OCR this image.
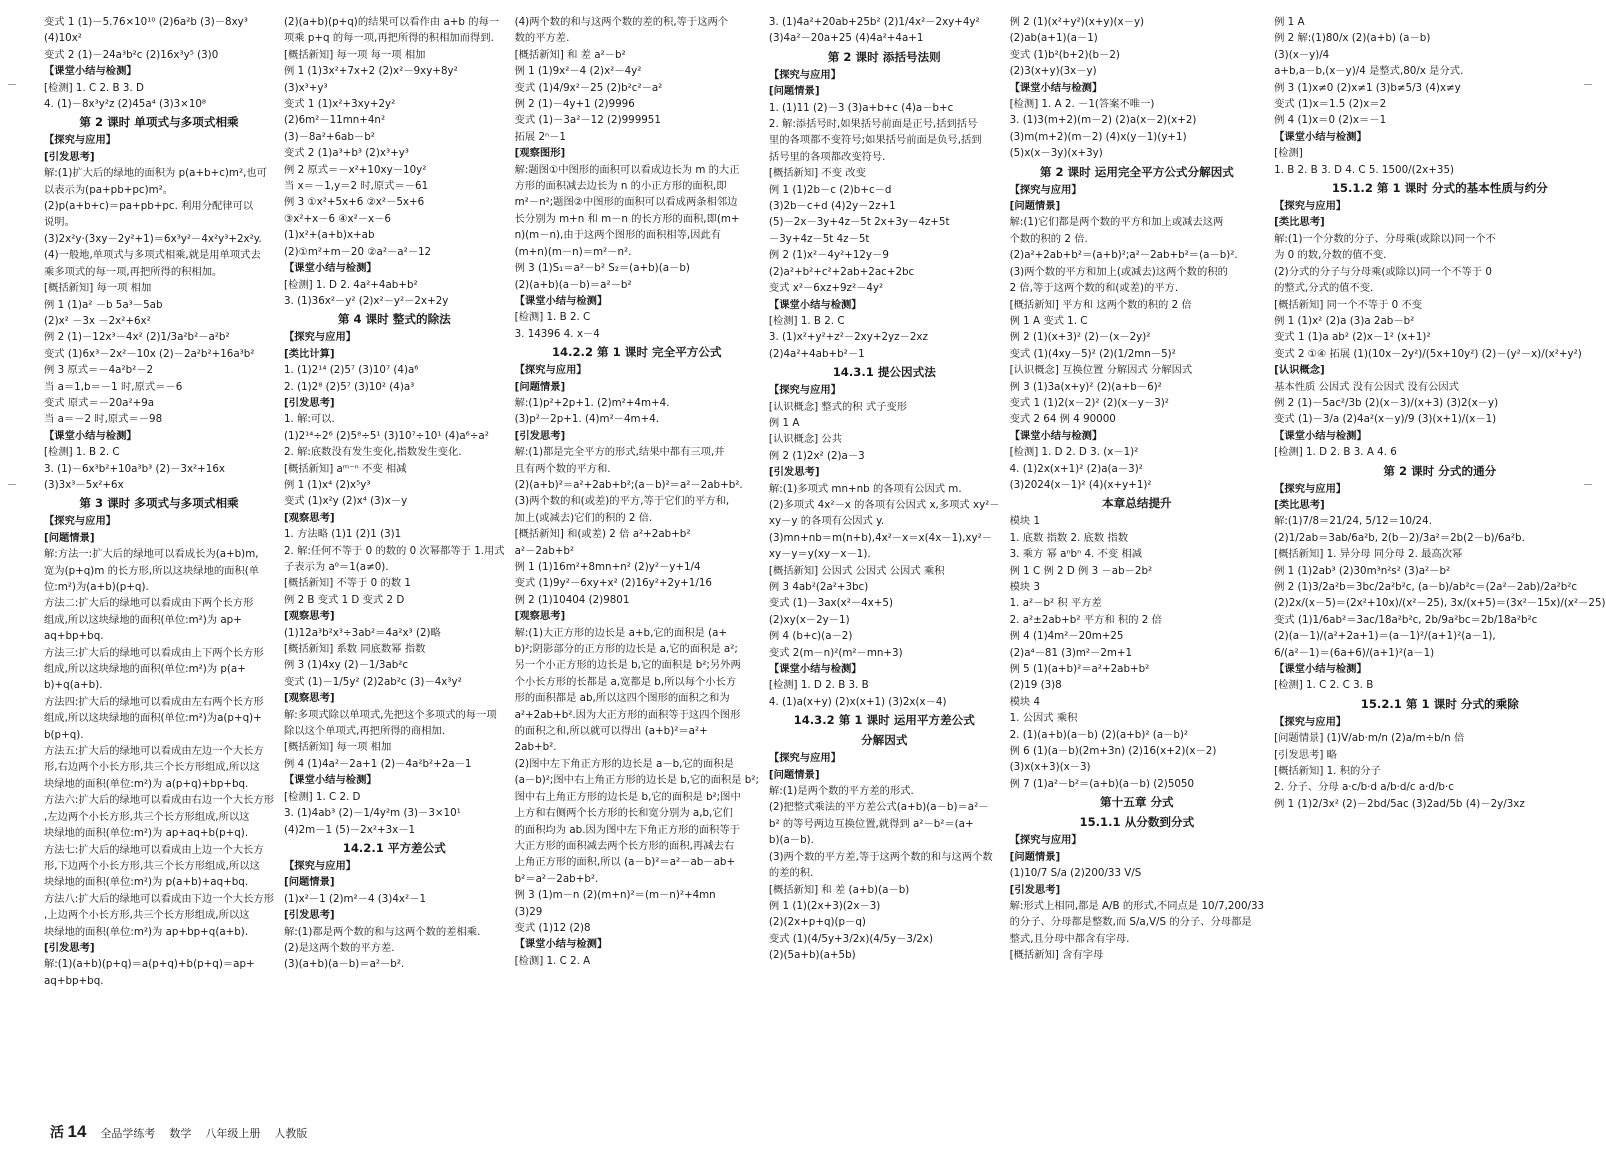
变式 1 (1)－5.76×10¹⁰ (2)6a²b (3)－8xy³
(4)10x²
变式 2 (1)－24a³b²c (2)16x³y⁵ (3)0
【课堂小结与检测】
[检测] 1. C 2. B 3. D
4. (1)－8x³y²z (2)45a⁴ (3)3×10⁸
第 2 课时 单项式与多项式相乘
【探究与应用】
[引发思考]
解:(1)扩大后的绿地的面积为 p(a+b+c)m²,也可
以表示为(pa+pb+pc)m²。
(2)p(a+b+c)＝pa+pb+pc. 利用分配律可以
说明。
(3)2x²y·(3xy－2y²+1)＝6x³y²－4x²y³+2x²y.
(4)一般地,单项式与多项式相乘,就是用单项式去
乘多项式的每一项,再把所得的积相加。
[概括新知] 每一项 相加
例 1 (1)a² －b 5a³－5ab
(2)x² －3x －2x²+6x²
例 2 (1)－12x³－4x² (2)1/3a²b²－a²b²
变式 (1)6x³－2x²－10x (2)－2a²b²+16a³b²
例 3 原式＝－4a²b²－2
当 a＝1,b＝－1 时,原式＝－6
变式 原式＝－20a²+9a
当 a＝－2 时,原式＝－98
【课堂小结与检测】
[检测] 1. B 2. C
3. (1)－6x³b²+10a³b³ (2)－3x²+16x
(3)3x³－5x²+6x
第 3 课时 多项式与多项式相乘
【探究与应用】
[问题情景]
解:方法一:扩大后的绿地可以看成长为(a+b)m,
宽为(p+q)m 的长方形,所以这块绿地的面积(单
位:m²)为(a+b)(p+q).
方法二:扩大后的绿地可以看成由下两个长方形
组成,所以这块绿地的面积(单位:m²)为 ap+
aq+bp+bq.
方法三:扩大后的绿地可以看成由上下两个长方形
组成,所以这块绿地的面积(单位:m²)为 p(a+
b)+q(a+b).
方法四:扩大后的绿地可以看成由左右两个长方形
组成,所以这块绿地的面积(单位:m²)为a(p+q)+
b(p+q).
方法五:扩大后的绿地可以看成由左边一个大长方
形,右边两个小长方形,共三个长方形组成,所以这
块绿地的面积(单位:m²)为 a(p+q)+bp+bq.
方法六:扩大后的绿地可以看成由右边一个大长方形
,左边两个小长方形,共三个长方形组成,所以这
块绿地的面积(单位:m²)为 ap+aq+b(p+q).
方法七:扩大后的绿地可以看成由上边一个大长方
形,下边两个小长方形,共三个长方形组成,所以这
块绿地的面积(单位:m²)为 p(a+b)+aq+bq.
方法八:扩大后的绿地可以看成由下边一个大长方形
,上边两个小长方形,共三个长方形组成,所以这
块绿地的面积(单位:m²)为 ap+bp+q(a+b).
[引发思考]
解:(1)(a+b)(p+q)＝a(p+q)+b(p+q)＝ap+
aq+bp+bq.
(2)(a+b)(p+q)的结果可以看作由 a+b 的每一
项乘 p+q 的每一项,再把所得的积相加而得到.
[概括新知] 每一项 每一项 相加
例 1 (1)3x²+7x+2 (2)x²－9xy+8y²
(3)x³+y³
变式 1 (1)x²+3xy+2y²
(2)6m²－11mn+4n²
(3)－8a²+6ab－b²
变式 2 (1)a³+b³ (2)x³+y³
例 2 原式＝－x²+10xy－10y²
当 x＝－1,y＝2 时,原式＝－61
例 3 ①x²+5x+6 ②x²－5x+6
③x²+x－6 ④x²－x－6
(1)x²+(a+b)x+ab
(2)①m²+m－20 ②a²－a²－12
【课堂小结与检测】
[检测] 1. D 2. 4a²+4ab+b²
3. (1)36x²－y² (2)x²－y²－2x+2y
第 4 课时 整式的除法
【探究与应用】
[类比计算]
1. (1)2¹⁴ (2)5⁷ (3)10⁷ (4)a⁶
2. (1)2⁸ (2)5⁷ (3)10² (4)a³
[引发思考]
1. 解:可以.
(1)2¹⁴÷2⁶ (2)5⁸÷5¹ (3)10⁷÷10¹ (4)a⁶÷a²
2. 解:底数没有发生变化,指数发生变化.
[概括新知] aᵐ⁻ⁿ 不变 相减
例 1 (1)x⁴ (2)x⁵y³
变式 (1)x²y (2)x⁴ (3)x－y
[观察思考]
1. 方法略 (1)1 (2)1 (3)1
2. 解:任何不等于 0 的数的 0 次幂都等于 1.用式
子表示为 a⁰＝1(a≠0).
[概括新知] 不等于 0 的数 1
例 2 B 变式 1 D 变式 2 D
[观察思考]
(1)12a³b²x³÷3ab²＝4a²x³ (2)略
[概括新知] 系数 同底数幂 指数
例 3 (1)4xy (2)－1/3ab²c
变式 (1)－1/5y² (2)2ab²c (3)－4x³y²
[观察思考]
解:多项式除以单项式,先把这个多项式的每一项
除以这个单项式,再把所得的商相加.
[概括新知] 每一项 相加
例 4 (1)4a²－2a+1 (2)－4a²b²+2a－1
【课堂小结与检测】
[检测] 1. C 2. D
3. (1)4ab³ (2)－1/4y²m (3)－3×10¹
(4)2m－1 (5)－2x²+3x－1
14.2.1 平方差公式
【探究与应用】
[问题情景]
(1)x²－1 (2)m²－4 (3)4x²－1
[引发思考]
解:(1)都是两个数的和与这两个数的差相乘.
(2)是这两个数的平方差.
(3)(a+b)(a－b)＝a²－b².
(4)两个数的和与这两个数的差的积,等于这两个
数的平方差.
[概括新知] 和 差 a²－b²
例 1 (1)9x²－4 (2)x²－4y²
变式 (1)4/9x²－25 (2)b²c²－a²
例 2 (1)－4y+1 (2)9996
变式 (1)－3a²－12 (2)999951
拓展 2ⁿ－1
[观察图形]
解:题图①中图形的面积可以看成边长为 m 的大正
方形的面积减去边长为 n 的小正方形的面积,即
m²－n²;题图②中图形的面积可以看成两条相邻边
长分别为 m+n 和 m－n 的长方形的面积,即(m+
n)(m－n),由于这两个图形的面积相等,因此有
(m+n)(m－n)＝m²－n².
例 3 (1)S₁＝a²－b² S₂＝(a+b)(a－b)
(2)(a+b)(a－b)＝a²－b²
【课堂小结与检测】
[检测] 1. B 2. C
3. 14396 4. x－4
14.2.2 第 1 课时 完全平方公式
【探究与应用】
[问题情景]
解:(1)p²+2p+1. (2)m²+4m+4.
(3)p²－2p+1. (4)m²－4m+4.
[引发思考]
解:(1)都是完全平方的形式,结果中都有三项,并
且有两个数的平方和.
(2)(a+b)²＝a²+2ab+b²;(a－b)²＝a²－2ab+b².
(3)两个数的和(或差)的平方,等于它们的平方和,
加上(或减去)它们的积的 2 倍.
[概括新知] 和(或差) 2 倍 a²+2ab+b²
a²－2ab+b²
例 1 (1)16m²+8mn+n² (2)y²－y+1/4
变式 (1)9y²－6xy+x² (2)16y²+2y+1/16
例 2 (1)10404 (2)9801
[观察思考]
解:(1)大正方形的边长是 a+b,它的面积是 (a+
b)²;阴影部分的正方形的边长是 a,它的面积是 a²;
另一个小正方形的边长是 b,它的面积是 b²;另外两
个小长方形的长都是 a,宽都是 b,所以每个小长方
形的面积都是 ab,所以这四个图形的面积之和为
a²+2ab+b².因为大正方形的面积等于这四个图形
的面积之和,所以就可以得出 (a+b)²＝a²+
2ab+b².
(2)图中左下角正方形的边长是 a－b,它的面积是
(a－b)²;图中右上角正方形的边长是 b,它的面积是 b²;
图中右上角正方形的边长是 b,它的面积是 b²;图中
上方和右侧两个长方形的长和宽分别为 a,b,它们
的面积均为 ab.因为图中左下角正方形的面积等于
大正方形的面积减去两个长方形的面积,再减去右
上角正方形的面积,所以 (a－b)²＝a²－ab－ab+
b²＝a²－2ab+b².
例 3 (1)m－n (2)(m+n)²＝(m－n)²+4mn
(3)29
变式 (1)12 (2)8
【课堂小结与检测】
[检测] 1. C 2. A
3. (1)4a²+20ab+25b² (2)1/4x²－2xy+4y²
(3)4a²－20a+25 (4)4a²+4a+1
第 2 课时 添括号法则
【探究与应用】
[问题情景]
1. (1)11 (2)－3 (3)a+b+c (4)a－b+c
2. 解:添括号时,如果括号前面是正号,括到括号
里的各项都不变符号;如果括号前面是负号,括到
括号里的各项都改变符号.
[概括新知] 不变 改变
例 1 (1)2b－c (2)b+c－d
(3)2b－c+d (4)2y－2z+1
(5)－2x－3y+4z－5t 2x+3y－4z+5t
－3y+4z－5t 4z－5t
例 2 (1)x²－4y²+12y－9
(2)a²+b²+c²+2ab+2ac+2bc
变式 x²－6xz+9z²－4y²
【课堂小结与检测】
[检测] 1. B 2. C
3. (1)x²+y²+z²－2xy+2yz－2xz
(2)4a²+4ab+b²－1
14.3.1 提公因式法
【探究与应用】
[认识概念] 整式的积 式子变形
例 1 A
[认识概念] 公共
例 2 (1)2x² (2)a－3
[引发思考]
解:(1)多项式 mn+nb 的各项有公因式 m.
(2)多项式 4x²－x 的各项有公因式 x,多项式 xy²－
xy－y 的各项有公因式 y.
(3)mn+nb＝m(n+b),4x²－x＝x(4x－1),xy²－
xy－y＝y(xy－x－1).
[概括新知] 公因式 公因式 公因式 乘积
例 3 4ab²(2a²+3bc)
变式 (1)－3ax(x²－4x+5)
(2)xy(x－2y－1)
例 4 (b+c)(a－2)
变式 2(m－n)²(m²－mn+3)
【课堂小结与检测】
[检测] 1. D 2. B 3. B
4. (1)a(x+y) (2)x(x+1) (3)2x(x－4)
14.3.2 第 1 课时 运用平方差公式
分解因式
【探究与应用】
[问题情景]
解:(1)是两个数的平方差的形式.
(2)把整式乘法的平方差公式(a+b)(a－b)＝a²－
b² 的等号两边互换位置,就得到 a²－b²＝(a+
b)(a－b).
(3)两个数的平方差,等于这两个数的和与这两个数
的差的积.
[概括新知] 和 差 (a+b)(a－b)
例 1 (1)(2x+3)(2x－3)
(2)(2x+p+q)(p－q)
变式 (1)(4/5y+3/2x)(4/5y－3/2x)
(2)(5a+b)(a+5b)
例 2 (1)(x²+y²)(x+y)(x－y)
(2)ab(a+1)(a－1)
变式 (1)b²(b+2)(b－2)
(2)3(x+y)(3x－y)
【课堂小结与检测】
[检测] 1. A 2. －1(答案不唯一)
3. (1)3(m+2)(m－2) (2)a(x－2)(x+2)
(3)m(m+2)(m－2) (4)x(y－1)(y+1)
(5)x(x－3y)(x+3y)
第 2 课时 运用完全平方公式分解因式
【探究与应用】
[问题情景]
解:(1)它们都是两个数的平方和加上或减去这两
个数的积的 2 倍.
(2)a²+2ab+b²＝(a+b)²;a²－2ab+b²＝(a－b)².
(3)两个数的平方和加上(或减去)这两个数的积的
2 倍,等于这两个数的和(或差)的平方.
[概括新知] 平方和 这两个数的积的 2 倍
例 1 A 变式 1. C
例 2 (1)(x+3)² (2)－(x－2y)²
变式 (1)(4xy－5)² (2)(1/2mn－5)²
[认识概念] 互换位置 分解因式 分解因式
例 3 (1)3a(x+y)² (2)(a+b－6)²
变式 1 (1)2(x－2)² (2)(x－y－3)²
变式 2 64 例 4 90000
【课堂小结与检测】
[检测] 1. D 2. D 3. (x－1)²
4. (1)2x(x+1)² (2)a(a－3)²
(3)2024(x－1)² (4)(x+y+1)²
本章总结提升
模块 1
1. 底数 指数 2. 底数 指数
3. 乘方 幂 aⁿbⁿ 4. 不变 相减
例 1 C 例 2 D 例 3 －ab－2b²
模块 3
1. a²－b² 积 平方差
2. a²±2ab+b² 平方和 积的 2 倍
例 4 (1)4m²－20m+25
(2)a⁴－81 (3)m²－2m+1
例 5 (1)(a+b)²＝a²+2ab+b²
(2)19 (3)8
模块 4
1. 公因式 乘积
2. (1)(a+b)(a－b) (2)(a+b)² (a－b)²
例 6 (1)(a－b)(2m+3n) (2)16(x+2)(x－2)
(3)x(x+3)(x－3)
例 7 (1)a²－b²＝(a+b)(a－b) (2)5050
第十五章 分式
15.1.1 从分数到分式
【探究与应用】
[问题情景]
(1)10/7 S/a (2)200/33 V/S
[引发思考]
解:形式上相同,都是 A/B 的形式,不同点是 10/7,200/33
的分子、分母都是整数,而 S/a,V/S 的分子、分母都是
整式,且分母中都含有字母.
[概括新知] 含有字母
例 1 A
例 2 解:(1)80/x (2)(a+b) (a－b)
(3)(x－y)/4
a+b,a－b,(x－y)/4 是整式,80/x 是分式.
例 3 (1)x≠0 (2)x≠1 (3)b≠5/3 (4)x≠y
变式 (1)x＝1.5 (2)x＝2
例 4 (1)x＝0 (2)x＝－1
【课堂小结与检测】
[检测]
1. B 2. B 3. D 4. C 5. 1500/(2x+35)
15.1.2 第 1 课时 分式的基本性质与约分
【探究与应用】
[类比思考]
解:(1)一个分数的分子、分母乘(或除以)同一个不
为 0 的数,分数的值不变.
(2)分式的分子与分母乘(或除以)同一个不等于 0
的整式,分式的值不变.
[概括新知] 同一个不等于 0 不变
例 1 (1)x² (2)a (3)a 2ab－b²
变式 1 (1)a ab² (2)x－1² (x+1)²
变式 2 ①④ 拓展 (1)(10x－2y²)/(5x+10y²) (2)－(y²－x)/(x²+y²)
[认识概念]
基本性质 公因式 没有公因式 没有公因式
例 2 (1)－5ac²/3b (2)(x－3)/(x+3) (3)2(x－y)
变式 (1)－3/a (2)4a²(x－y)/9 (3)(x+1)/(x－1)
【课堂小结与检测】
[检测] 1. D 2. B 3. A 4. 6
第 2 课时 分式的通分
【探究与应用】
[类比思考]
解:(1)7/8＝21/24, 5/12＝10/24.
(2)1/2ab＝3ab/6a²b, 2(b－2)/3a²＝2b(2－b)/6a²b.
[概括新知] 1. 异分母 同分母 2. 最高次幂
例 1 (1)2ab³ (2)30m³n²s² (3)a²－b²
例 2 (1)3/2a²b＝3bc/2a²b²c, (a－b)/ab²c＝(2a²－2ab)/2a²b²c
(2)2x/(x－5)＝(2x²+10x)/(x²－25), 3x/(x+5)＝(3x²－15x)/(x²－25)
变式 (1)1/6ab²＝3ac/18a²b²c, 2b/9a²bc＝2b/18a²b²c
(2)(a－1)/(a²+2a+1)＝(a－1)²/(a+1)²(a－1),
6/(a²－1)＝(6a+6)/(a+1)²(a－1)
【课堂小结与检测】
[检测] 1. C 2. C 3. B
15.2.1 第 1 课时 分式的乘除
【探究与应用】
[问题情景] (1)V/ab·m/n (2)a/m÷b/n 倍
[引发思考] 略
[概括新知] 1. 积的分子
2. 分子、分母 a·c/b·d a/b·d/c a·d/b·c
例 1 (1)2/3x² (2)－2bd/5ac (3)2ad/5b (4)－2y/3xz
活 14 全品学练考 数学 八年级上册 人教版
